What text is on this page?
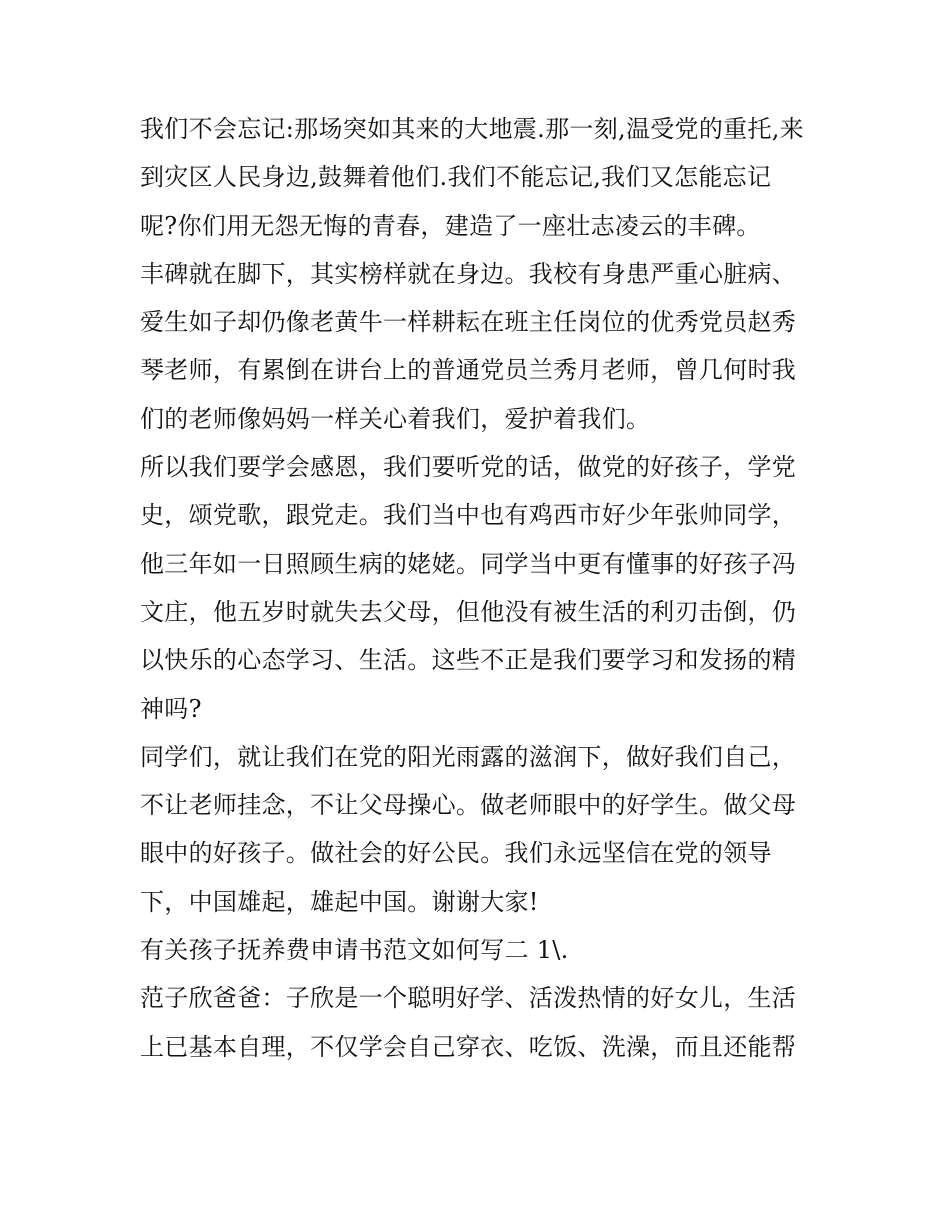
我们不会忘记:那场突如其来的大地震.那一刻,温受党的重托,来
到灾区人民身边,鼓舞着他们.我们不能忘记,我们又怎能忘记
呢?你们用无怨无悔的青春，建造了一座壮志凌云的丰碑。
丰碑就在脚下，其实榜样就在身边。我校有身患严重心脏病、
爱生如子却仍像老黄牛一样耕耘在班主任岗位的优秀党员赵秀
琴老师，有累倒在讲台上的普通党员兰秀月老师，曾几何时我
们的老师像妈妈一样关心着我们，爱护着我们。
所以我们要学会感恩，我们要听党的话，做党的好孩子，学党
史，颂党歌，跟党走。我们当中也有鸡西市好少年张帅同学，
他三年如一日照顾生病的姥姥。同学当中更有懂事的好孩子冯
文庄，他五岁时就失去父母，但他没有被生活的利刃击倒，仍
以快乐的心态学习、生活。这些不正是我们要学习和发扬的精
神吗?
同学们，就让我们在党的阳光雨露的滋润下，做好我们自己，
不让老师挂念，不让父母操心。做老师眼中的好学生。做父母
眼中的好孩子。做社会的好公民。我们永远坚信在党的领导
下，中国雄起，雄起中国。谢谢大家!
有关孩子抚养费申请书范文如何写二 1\.
范子欣爸爸：子欣是一个聪明好学、活泼热情的好女儿，生活
上已基本自理，不仅学会自己穿衣、吃饭、洗澡，而且还能帮
